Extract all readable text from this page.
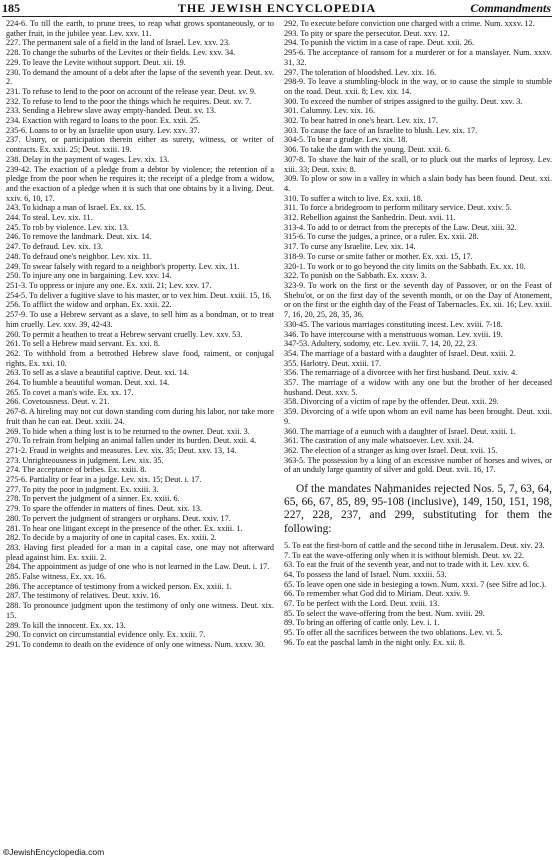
185	THE JEWISH ENCYCLOPEDIA	Commandments

224-6. To till the earth, to prune trees, to reap what grows spontaneously, or to gather fruit, in the jubilee year. Lev. xxv. 11.

227. The permanent sale of a field in the land of Israel. Lev. xxv. 23.

228. To change the suburbs of the Levites or their fields. Lev. xxv. 34.

229. To leave the Levite without support. Deut. xii. 19.

230. To demand the amount of a debt after the lapse of the seventh year. Deut. xv. 2.

231. To refuse to lend to the poor on account of the release year. Deut. xv. 9.

232. To refuse to lend to the poor the things which he requires. Deut. xv. 7.

233. Sending a Hebrew slave away empty-handed. Deut. xv. 13.

234. Exaction with regard to loans to the poor. Ex. xxii. 25.

235-6. Loans to or by an Israelite upon usury. Lev. xxv. 37.

237. Usury, or participation therein either as surety, witness, or writer of contracts. Ex. xxii. 25; Deut. xxiii. 19.

238. Delay in the payment of wages. Lev. xix. 13.

239-42. The exaction of a pledge from a debtor by violence; the retention of a pledge from the poor when he requires it; the receipt of a pledge from a widow, and the exaction of a pledge when it is such that one obtains by it a living. Deut. xxiv. 6, 10, 17.

243. To kidnap a man of Israel. Ex. xx. 15.

244. To steal. Lev. xix. 11.

245. To rob by violence. Lev. xix. 13.

246. To remove the landmark. Deut. xix. 14.

247. To defraud. Lev. xix. 13.

248. To defraud one's neighbor. Lev. xix. 11.

249. To swear falsely with regard to a neighbor's property. Lev. xix. 11.

250. To injure any one in bargaining. Lev. xxv. 14.

251-3. To oppress or injure any one. Ex. xxii. 21; Lev. xxv. 17.

254-5. To deliver a fugitive slave to his master, or to vex him. Deut. xxiii. 15, 16.

256. To afflict the widow and orphan. Ex. xxii. 22.

257-9. To use a Hebrew servant as a slave, to sell him as a bondman, or to treat him cruelly. Lev. xxv. 39, 42-43.

260. To permit a heathen to treat a Hebrew servant cruelly. Lev. xxv. 53.

261. To sell a Hebrew maid servant. Ex. xxi. 8.

262. To withhold from a betrothed Hebrew slave food, raiment, or conjugal rights. Ex. xxi. 10.

263. To sell as a slave a beautiful captive. Deut. xxi. 14.

264. To humble a beautiful woman. Deut. xxi. 14.

265. To covet a man's wife. Ex. xx. 17.

266. Covetousness. Deut. v. 21.

267-8. A hireling may not cut down standing corn during his labor, nor take more fruit than he can eat. Deut. xxiii. 24.

269. To hide when a thing lost is to be returned to the owner. Deut. xxii. 3.

270. To refrain from helping an animal fallen under its burden. Deut. xxii. 4.

271-2. Fraud in weights and measures. Lev. xix. 35; Deut. xxv. 13, 14.

273. Unrighteousness in judgment. Lev. xix. 35.

274. The acceptance of bribes. Ex. xxiii. 8.

275-6. Partiality or fear in a judge. Lev. xix. 15; Deut. i. 17.

277. To pity the poor in judgment. Ex. xxiii. 3.

278. To pervert the judgment of a sinner. Ex. xxiii. 6.

279. To spare the offender in matters of fines. Deut. xix. 13.

280. To pervert the judgment of strangers or orphans. Deut. xxiv. 17.

281. To hear one litigant except in the presence of the other. Ex. xxiii. 1.

282. To decide by a majority of one in capital cases. Ex. xxiii. 2.

283. Having first pleaded for a man in a capital case, one may not afterward plead against him. Ex. xxiii. 2.

284. The appointment as judge of one who is not learned in the Law. Deut. i. 17.

285. False witness. Ex. xx. 16.

286. The acceptance of testimony from a wicked person. Ex. xxiii. 1.

287. The testimony of relatives. Deut. xxiv. 16.

288. To pronounce judgment upon the testimony of only one witness. Deut. xix. 15.

289. To kill the innocent. Ex. xx. 13.

290. To convict on circumstantial evidence only. Ex. xxiii. 7.

291. To condemn to death on the evidence of only one witness. Num. xxxv. 30.

292. To execute before conviction one charged with a crime. Num. xxxv. 12.

293. To pity or spare the persecutor. Deut. xxv. 12.

294. To punish the victim in a case of rape. Deut. xxii. 26.

295-6. The acceptance of ransom for a murderer or for a manslayer. Num. xxxv. 31, 32.

297. The toleration of bloodshed. Lev. xix. 16.

298-9. To leave a stumbling-block in the way, or to cause the simple to stumble on the road. Deut. xxii. 8; Lev. xix. 14.

300. To exceed the number of stripes assigned to the guilty. Deut. xxv. 3.

301. Calumny. Lev. xix. 16.

302. To bear hatred in one's heart. Lev. xix. 17.

303. To cause the face of an Israelite to blush. Lev. xix. 17.

304-5. To bear a grudge. Lev. xix. 18.

306. To take the dam with the young. Deut. xxii. 6.

307-8. To shave the hair of the scall, or to pluck out the marks of leprosy. Lev. xiii. 33; Deut. xxiv. 8.

309. To plow or sow in a valley in which a slain body has been found. Deut. xxi. 4.

310. To suffer a witch to live. Ex. xxii. 18.

311. To force a bridegroom to perform military service. Deut. xxiv. 5.

312. Rebellion against the Sanhedrin. Deut. xvii. 11.

313-4. To add to or detract from the precepts of the Law. Deut. xiii. 32.

315-6. To curse the judges, a prince, or a ruler. Ex. xxii. 28.

317. To curse any Israelite. Lev. xix. 14.

318-9. To curse or smite father or mother. Ex. xxi. 15, 17.

320-1. To work or to go beyond the city limits on the Sabbath. Ex. xx. 10.

322. To punish on the Sabbath. Ex. xxxv. 3.

323-9. To work on the first or the seventh day of Passover, or on the Feast of Shebu'ot, or on the first day of the seventh month, or on the Day of Atonement, or on the first or the eighth day of the Feast of Tabernacles. Ex. xii. 16; Lev. xxiii. 7, 16, 20, 25, 28, 35, 36.

330-45. The various marriages constituting incest. Lev. xviii. 7-18.

346. To have intercourse with a menstruous woman. Lev. xviii. 19.

347-53. Adultery, sodomy, etc. Lev. xviii. 7, 14, 20, 22, 23.

354. The marriage of a bastard with a daughter of Israel. Deut. xxiii. 2.

355. Harlotry. Deut. xxiii. 17.

356. The remarriage of a divorcee with her first husband. Deut. xxiv. 4.

357. The marriage of a widow with any one but the brother of her deceased husband. Deut. xxv. 5.

358. Divorcing of a victim of rape by the offender. Deut. xxii. 29.

359. Divorcing of a wife upon whom an evil name has been brought. Deut. xxii. 9.

360. The marriage of a eunuch with a daughter of Israel. Deut. xxiii. 1.

361. The castration of any male whatsoever. Lev. xxii. 24.

362. The election of a stranger as king over Israel. Deut. xvii. 15.

363-5. The possession by a king of an excessive number of horses and wives, or of an unduly large quantity of silver and gold. Deut. xvii. 16, 17.

Of the mandates Naḥmanides rejected Nos. 5, 7, 63, 64, 65, 66, 67, 85, 89, 95-108 (inclusive), 149, 150, 151, 198, 227, 228, 237, and 299, substituting for them the following:

5. To eat the first-born of cattle and the second tithe in Jerusalem. Deut. xiv. 23.

7. To eat the wave-offering only when it is without blemish. Deut. xv. 22.

63. To eat the fruit of the seventh year, and not to trade with it. Lev. xxv. 6.

64. To possess the land of Israel. Num. xxxiii. 53.

65. To leave open one side in besieging a town. Num. xxxi. 7 (see Sifre ad loc.).

66. To remember what God did to Miriam. Deut. xxiv. 9.

67. To be perfect with the Lord. Deut. xviii. 13.

85. To select the wave-offering from the best. Num. xviii. 29.

89. To bring an offering of cattle only. Lev. i. 1.

95. To offer all the sacrifices between the two oblations. Lev. vi. 5.

96. To eat the paschal lamb in the night only. Ex. xii. 8.

©JewishEncyclopedia.com
